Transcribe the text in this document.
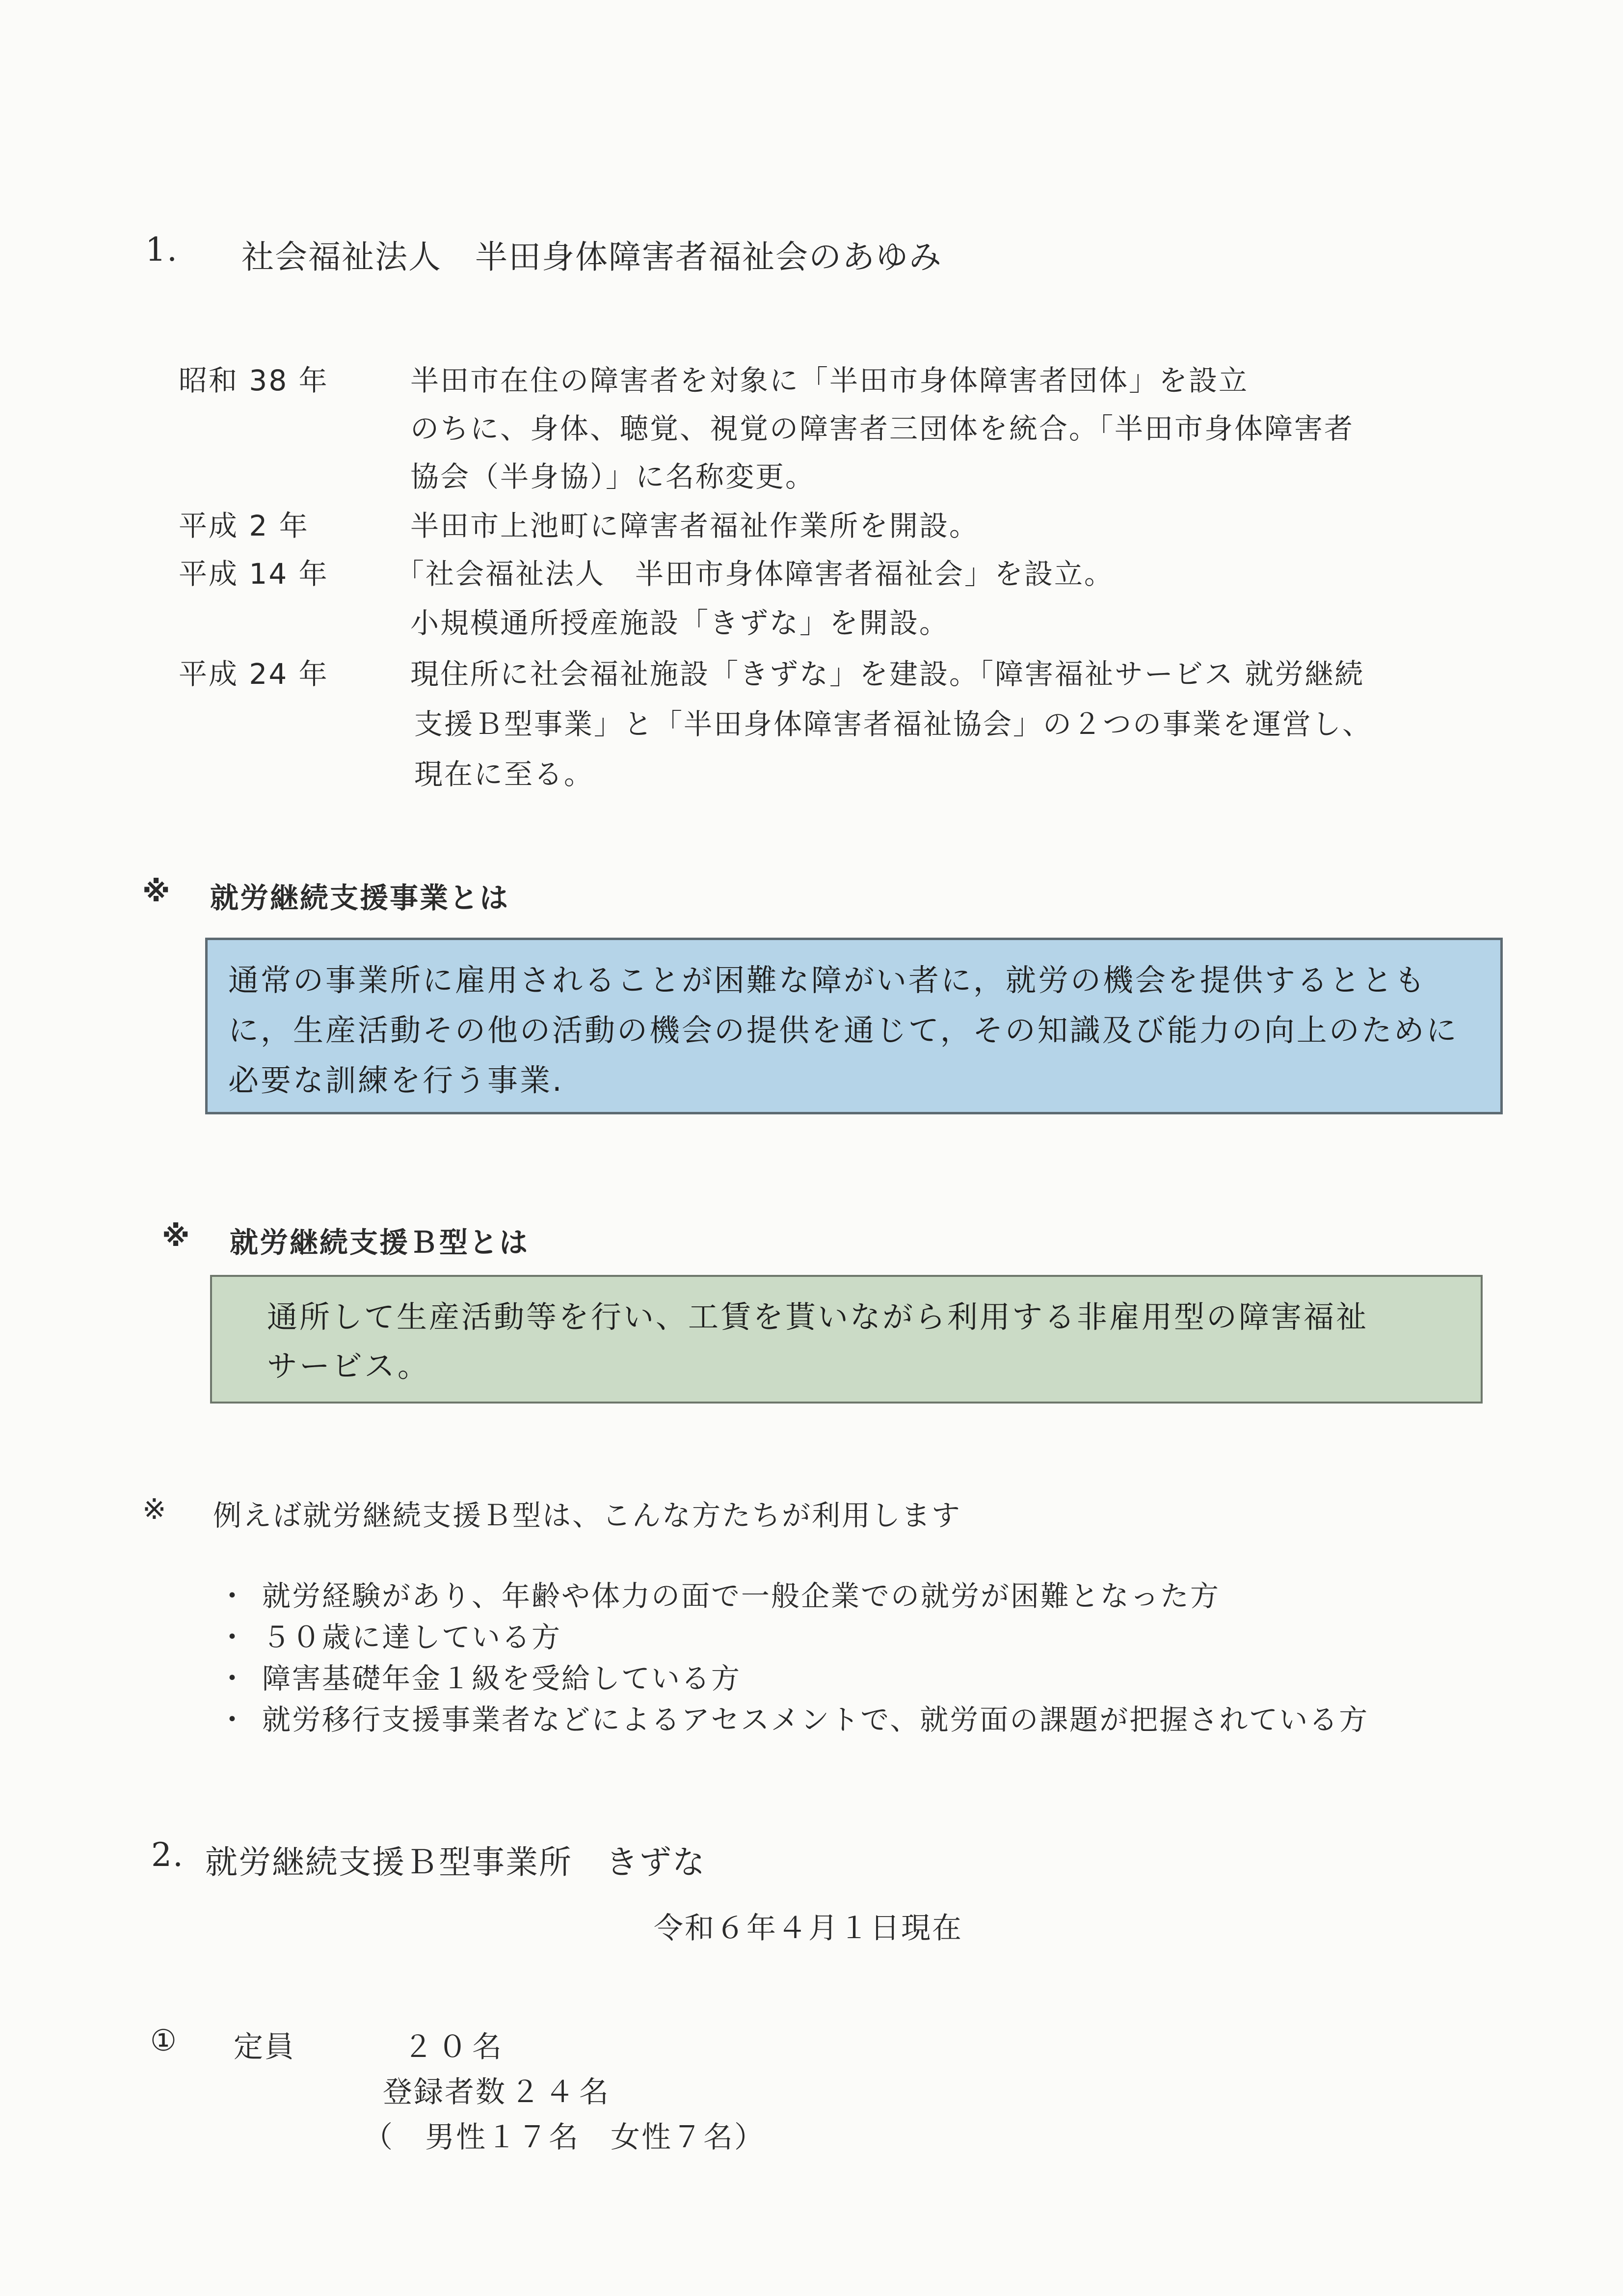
1. 社会福祉法人　半田身体障害者福祉会のあゆみ
昭和 38 年	半田市在住の障害者を対象に「半田市身体障害者団体」を設立
のちに、身体、聴覚、視覚の障害者三団体を統合。「半田市身体障害者
協会（半身協）」に名称変更。
平成 2 年	半田市上池町に障害者福祉作業所を開設。
平成 14 年 「社会福祉法人　半田市身体障害者福祉会」を設立。
小規模通所授産施設「きずな」を開設。
平成 24 年	現住所に社会福祉施設「きずな」を建設。「障害福祉サービス 就労継続
支援Ｂ型事業」と「半田身体障害者福祉協会」の２つの事業を運営し、
現在に至る。
※ 就労継続支援事業とは
通常の事業所に雇用されることが困難な障がい者に，就労の機会を提供するととも
に，生産活動その他の活動の機会の提供を通じて，その知識及び能力の向上のために
必要な訓練を行う事業.
※ 就労継続支援Ｂ型とは
通所して生産活動等を行い、工賃を貰いながら利用する非雇用型の障害福祉
サービス。
※ 例えば就労継続支援Ｂ型は、こんな方たちが利用します
・ 就労経験があり、年齢や体力の面で一般企業での就労が困難となった方
・ ５０歳に達している方
・ 障害基礎年金１級を受給している方
・ 就労移行支援事業者などによるアセスメントで、就労面の課題が把握されている方
2. 就労継続支援Ｂ型事業所　きずな
令和６年４月１日現在
① 定員	２０名
登録者数 ２４名
（　男性１７名　女性７名）
